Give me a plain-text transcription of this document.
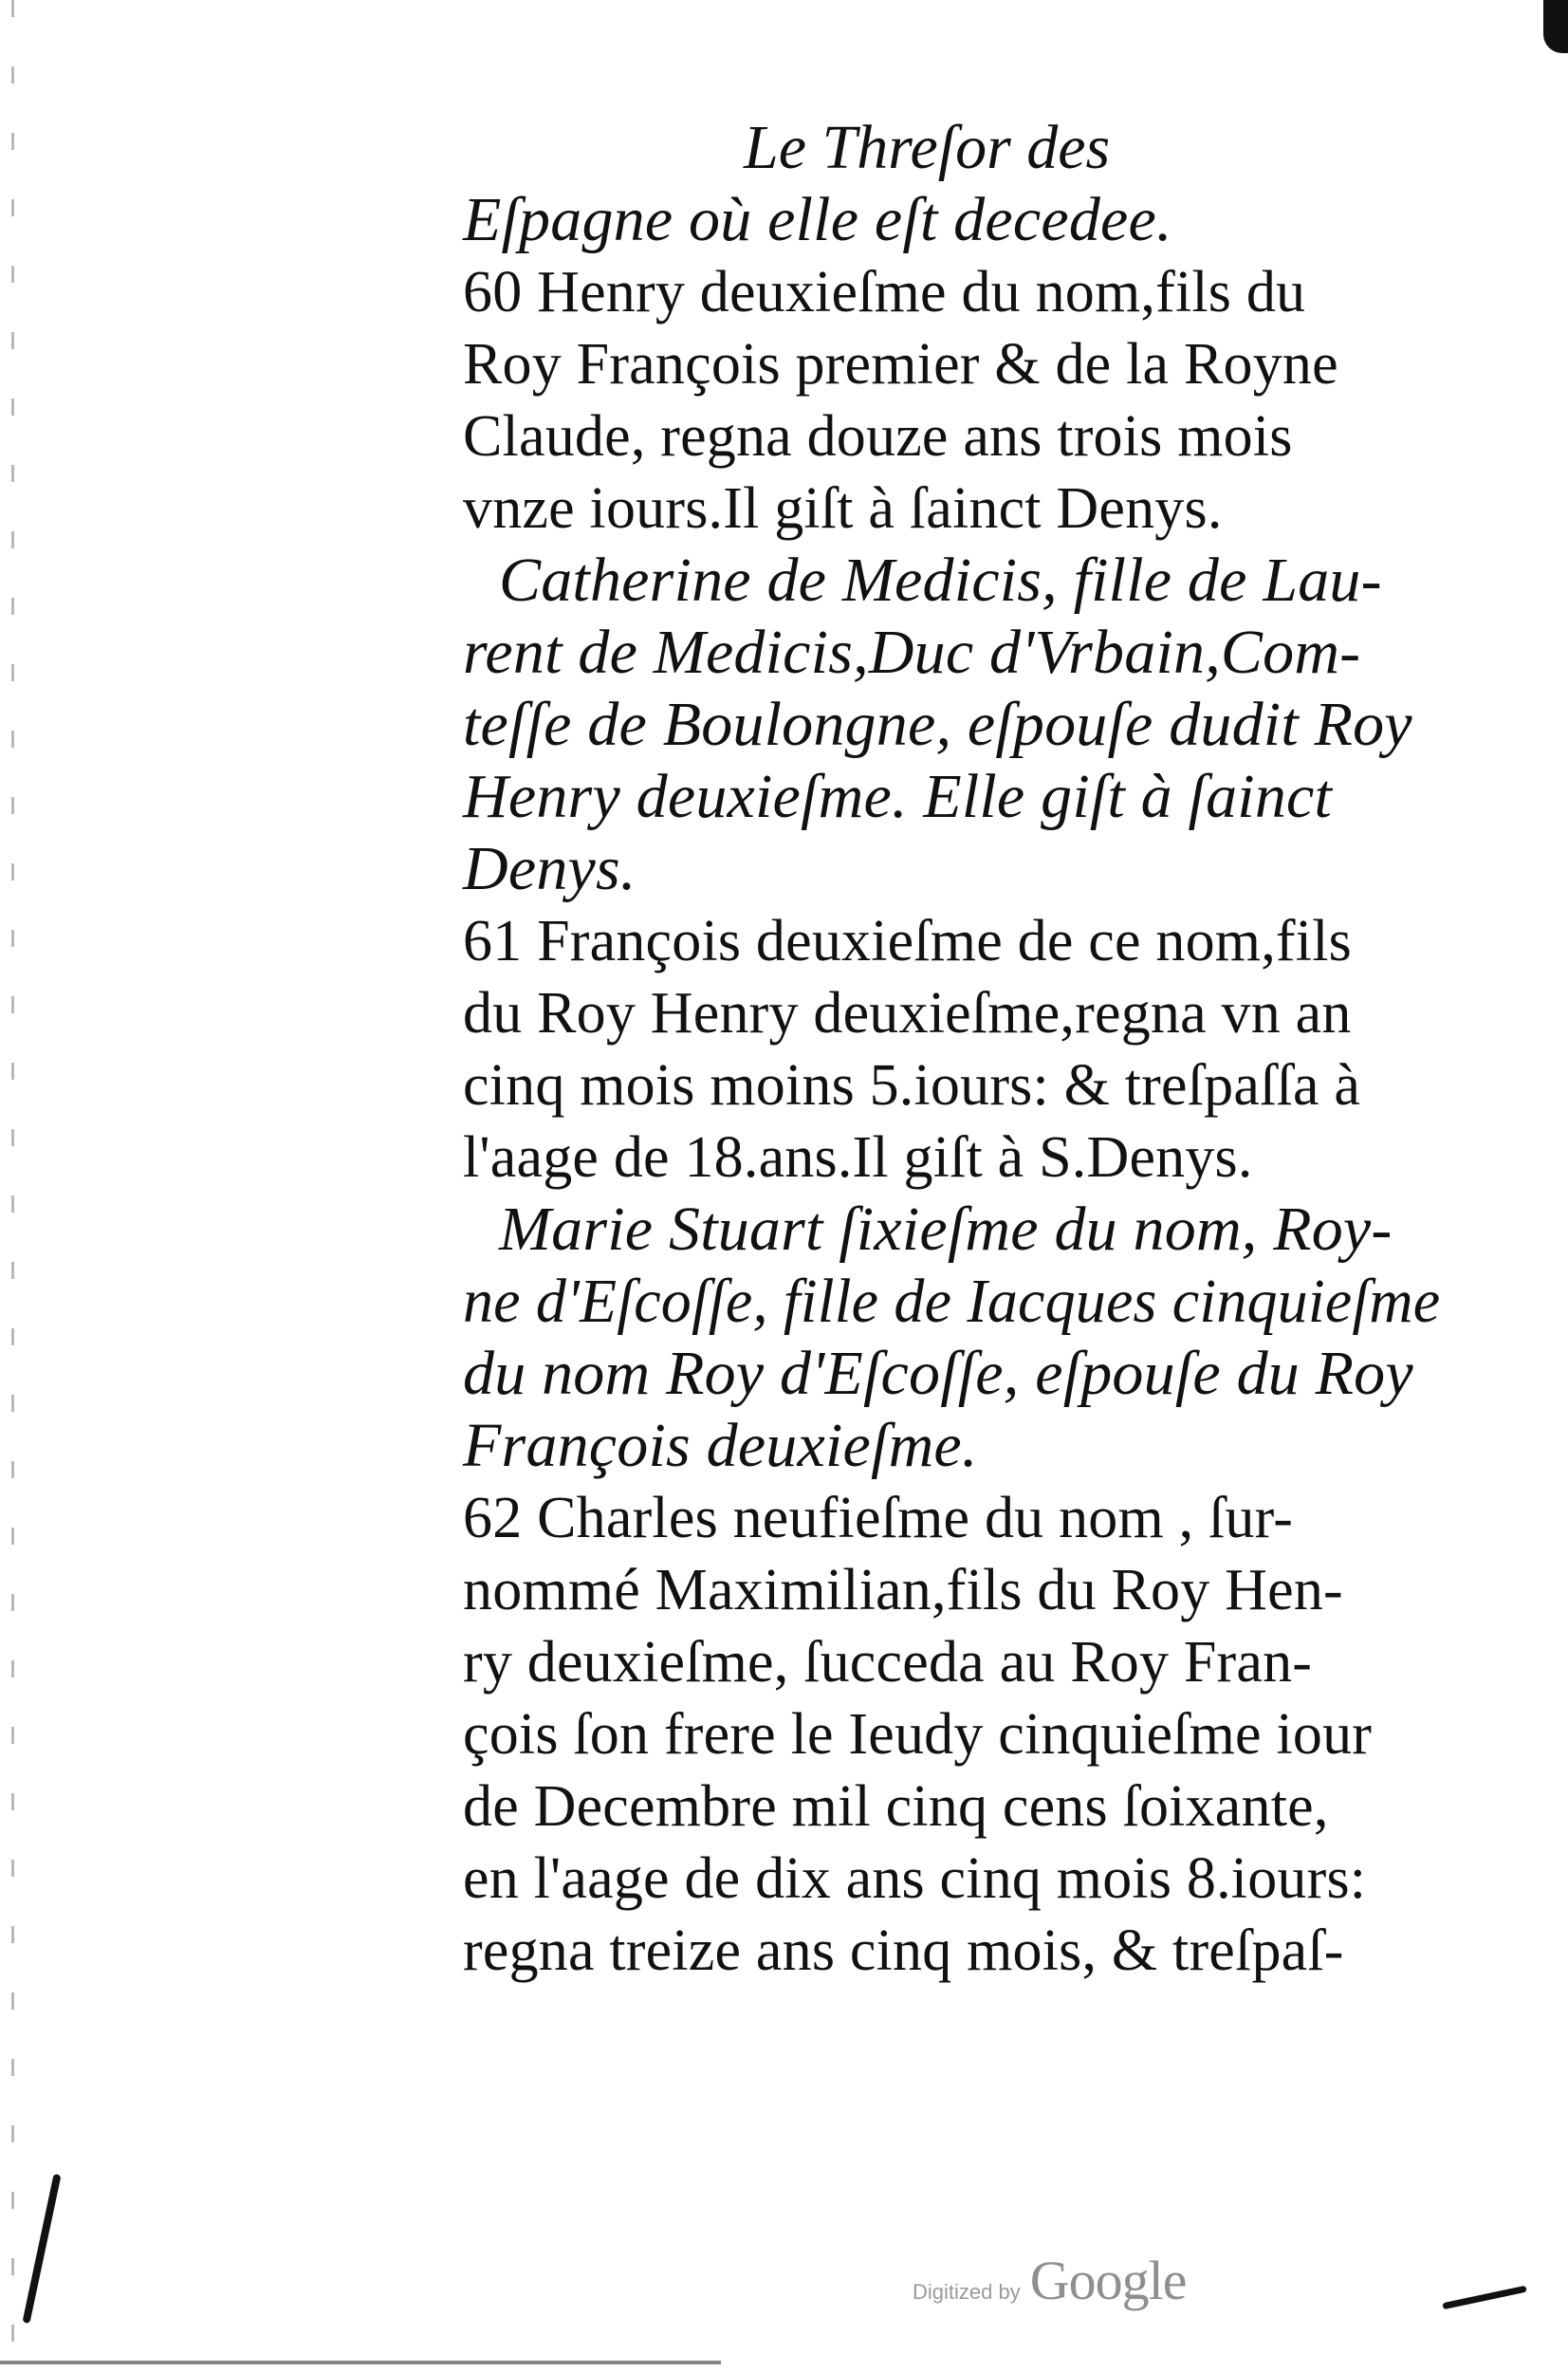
Le Threſor des
Eſpagne où elle eſt decedee.
60 Henry deuxieſme du nom,fils du
Roy François premier & de la Royne
Claude, regna douze ans trois mois
vnze iours.Il giſt à ſainct Denys.
Catherine de Medicis, fille de Lau-
rent de Medicis,Duc d'Vrbain,Com-
teſſe de Boulongne, eſpouſe dudit Roy
Henry deuxieſme. Elle giſt à ſainct
Denys.
61 François deuxieſme de ce nom,fils
du Roy Henry deuxieſme,regna vn an
cinq mois moins 5.iours: & treſpaſſa à
l'aage de 18.ans.Il giſt à S.Denys.
Marie Stuart ſixieſme du nom, Roy-
ne d'Eſcoſſe, fille de Iacques cinquieſme
du nom Roy d'Eſcoſſe, eſpouſe du Roy
François deuxieſme.
62 Charles neufieſme du nom , ſur-
nommé Maximilian,fils du Roy Hen-
ry deuxieſme, ſucceda au Roy Fran-
çois ſon frere le Ieudy cinquieſme iour
de Decembre mil cinq cens ſoixante,
en l'aage de dix ans cinq mois 8.iours:
regna treize ans cinq mois, & treſpaſ-
Digitized by Google
